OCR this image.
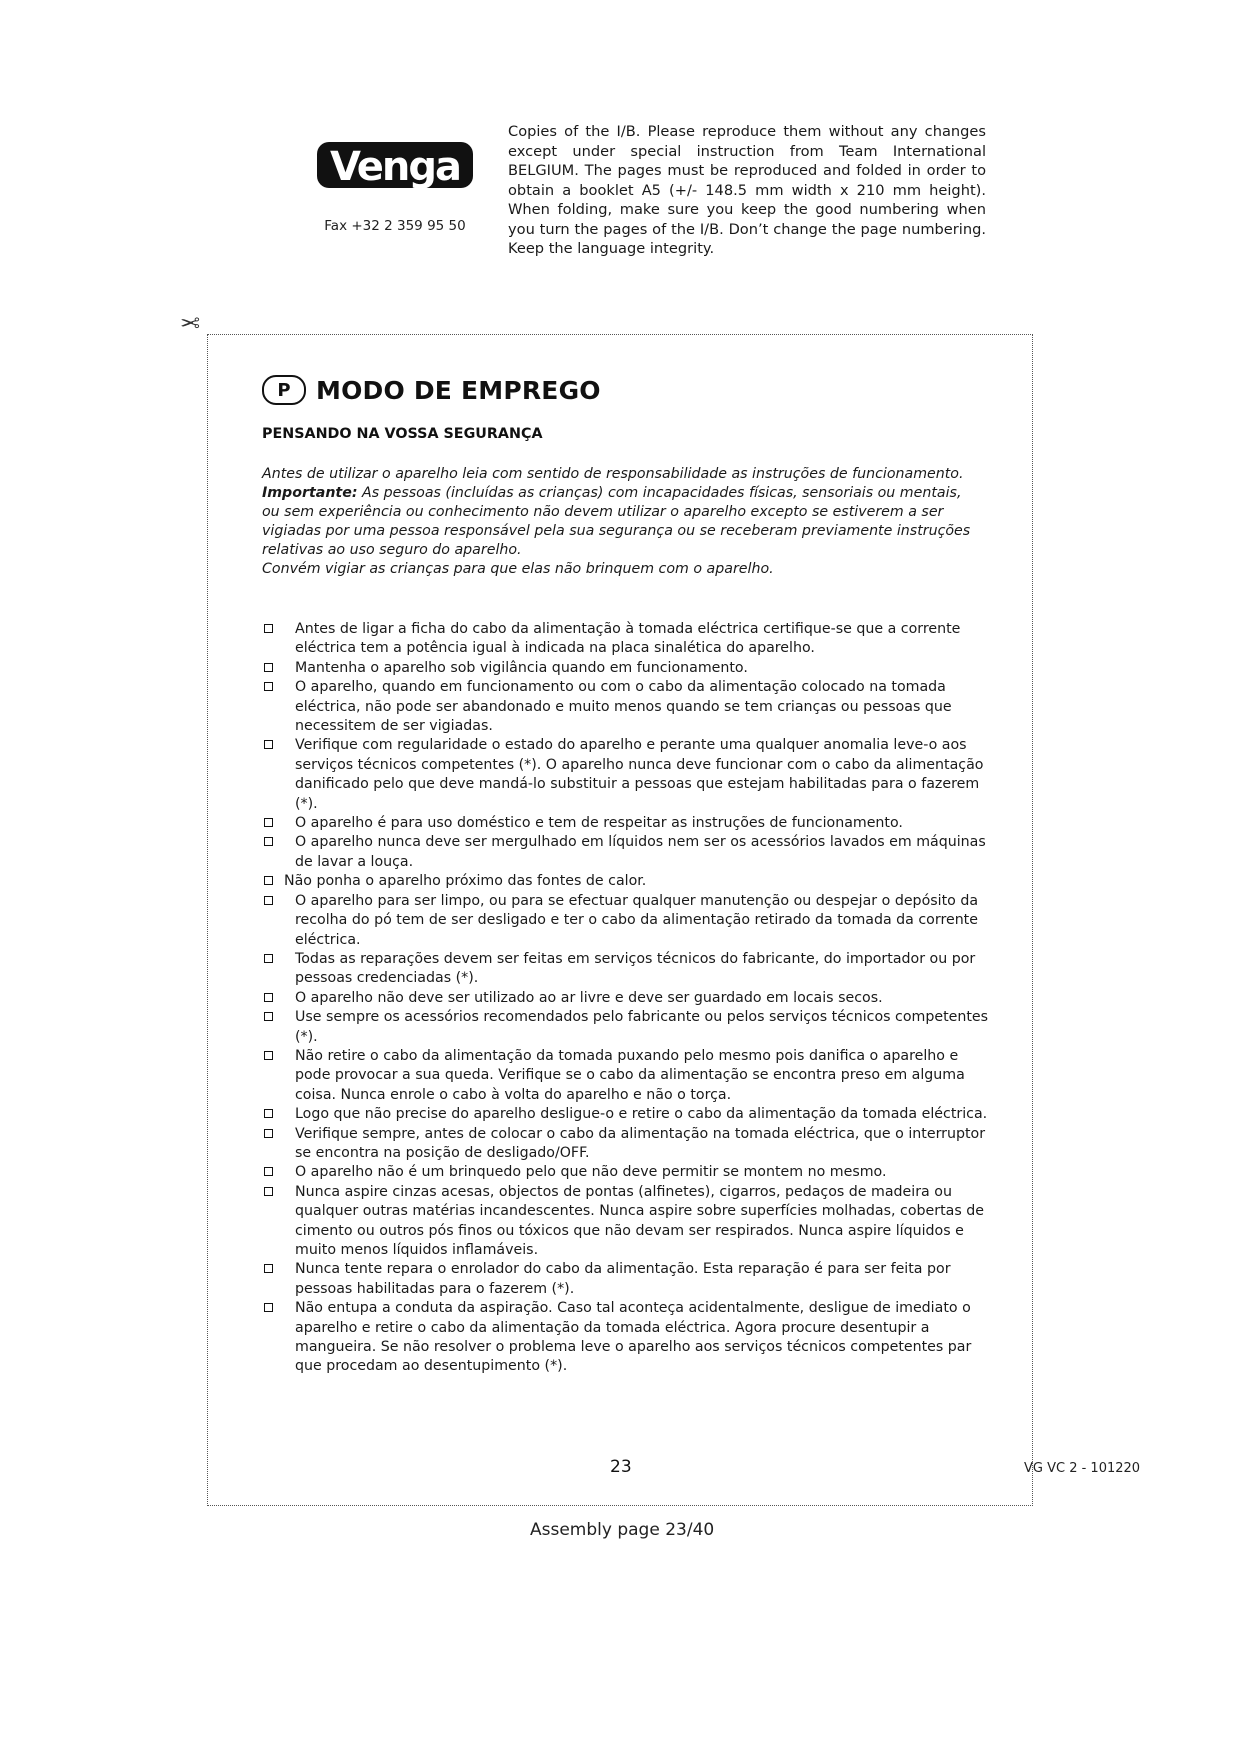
Venga
Fax +32 2 359 95 50
Copies of the I/B. Please reproduce them without any changes except under special instruction from Team International BELGIUM. The pages must be reproduced and folded in order to obtain a booklet A5 (+/- 148.5 mm width x 210 mm height). When folding, make sure you keep the good numbering when you turn the pages of the I/B. Don’t change the page numbering. Keep the language integrity.
✂
P	MODO DE EMPREGO
PENSANDO NA VOSSA SEGURANÇA

Antes de utilizar o aparelho leia com sentido de responsabilidade as instruções de funcionamento.

Importante: As pessoas (incluídas as crianças) com incapacidades físicas, sensoriais ou mentais, ou sem experiência ou conhecimento não devem utilizar o aparelho excepto se estiverem a ser vigiadas por uma pessoa responsável pela sua segurança ou se receberam previamente instruções relativas ao uso seguro do aparelho.

Convém vigiar as crianças para que elas não brinquem com o aparelho.

Antes de ligar a ficha do cabo da alimentação à tomada eléctrica certifique-se que a corrente eléctrica tem a potência igual à indicada na placa sinalética do aparelho.
Mantenha o aparelho sob vigilância quando em funcionamento.
O aparelho, quando em funcionamento ou com o cabo da alimentação colocado na tomada eléctrica, não pode ser abandonado e muito menos quando se tem crianças ou pessoas que necessitem de ser vigiadas.
Verifique com regularidade o estado do aparelho e perante uma qualquer anomalia leve-o aos serviços técnicos competentes (*). O aparelho nunca deve funcionar com o cabo da alimentação danificado pelo que deve mandá-lo substituir a pessoas que estejam habilitadas para o fazerem (*).
O aparelho é para uso doméstico e tem de respeitar as instruções de funcionamento.
O aparelho nunca deve ser mergulhado em líquidos nem ser os acessórios lavados em máquinas de lavar a louça.
Não ponha o aparelho próximo das fontes de calor.
O aparelho para ser limpo, ou para se efectuar qualquer manutenção ou despejar o depósito da recolha do pó tem de ser desligado e ter o cabo da alimentação retirado da tomada da corrente eléctrica.
Todas as reparações devem ser feitas em serviços técnicos do fabricante, do importador ou por pessoas credenciadas (*).
O aparelho não deve ser utilizado ao ar livre e deve ser guardado em locais secos.
Use sempre os acessórios recomendados pelo fabricante ou pelos serviços técnicos competentes (*).
Não retire o cabo da alimentação da tomada puxando pelo mesmo pois danifica o aparelho e pode provocar a sua queda. Verifique se o cabo da alimentação se encontra preso em alguma coisa. Nunca enrole o cabo à volta do aparelho e não o torça.
Logo que não precise do aparelho desligue-o e retire o cabo da alimentação da tomada eléctrica.
Verifique sempre, antes de colocar o cabo da alimentação na tomada eléctrica, que o interruptor se encontra na posição de desligado/OFF.
O aparelho não é um brinquedo pelo que não deve permitir se montem no mesmo.
Nunca aspire cinzas acesas, objectos de pontas (alfinetes), cigarros, pedaços de madeira ou qualquer outras matérias incandescentes. Nunca aspire sobre superfícies molhadas, cobertas de cimento ou outros pós finos ou tóxicos que não devam ser respirados. Nunca aspire líquidos e muito menos líquidos inflamáveis.
Nunca tente repara o enrolador do cabo da alimentação. Esta reparação é para ser feita por pessoas habilitadas para o fazerem (*).
Não entupa a conduta da aspiração. Caso tal aconteça acidentalmente, desligue de imediato o aparelho e retire o cabo da alimentação da tomada eléctrica. Agora procure desentupir a mangueira. Se não resolver o problema leve o aparelho aos serviços técnicos competentes par que procedam ao desentupimento (*).
23	VG VC 2 - 101220
Assembly page 23/40
